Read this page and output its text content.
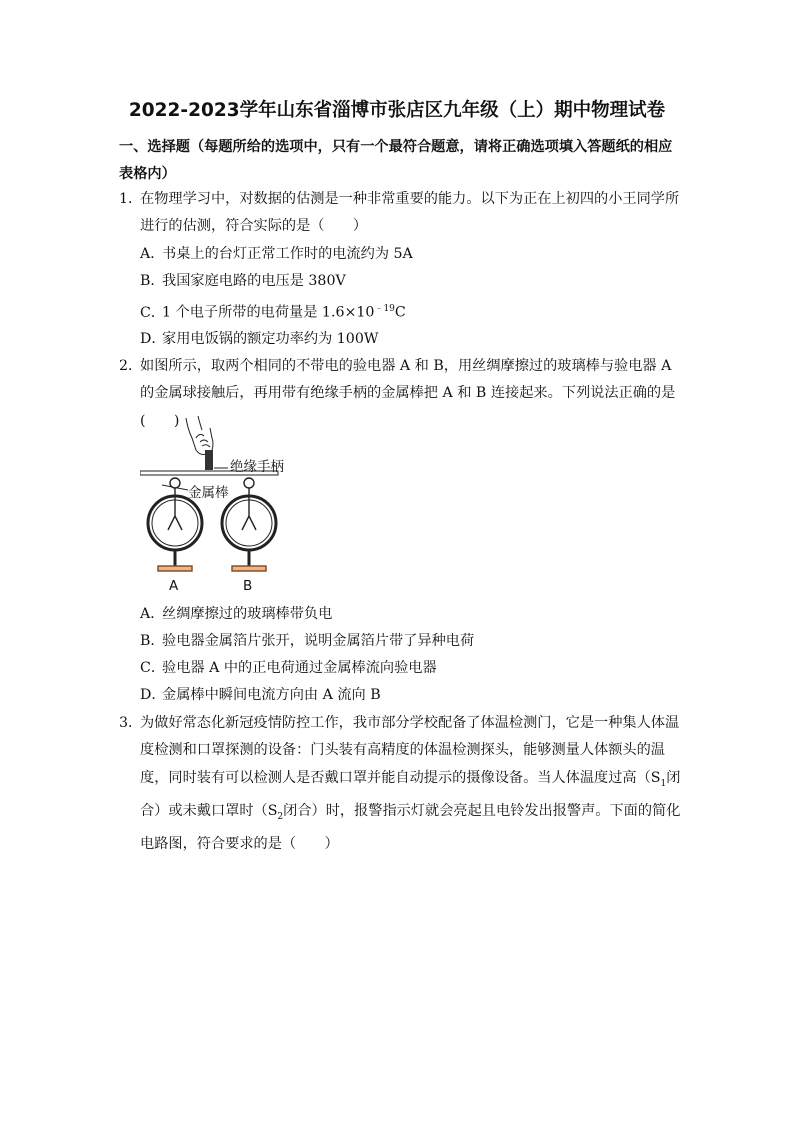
2022-2023学年山东省淄博市张店区九年级（上）期中物理试卷
一、选择题（每题所给的选项中，只有一个最符合题意，请将正确选项填入答题纸的相应表格内）
1．
在物理学习中，对数据的估测是一种非常重要的能力。以下为正在上初四的小王同学所进行的估测，符合实际的是（　　）
A．书桌上的台灯正常工作时的电流约为 5A
B．我国家庭电路的电压是 380V
C．1 个电子所带的电荷量是 $1.6\times 10^{﹣19}C$
D．家用电饭锅的额定功率约为 100W
2．
如图所示，取两个相同的不带电的验电器 A 和 B，用丝绸摩擦过的玻璃棒与验电器 A 的金属球接触后，再用带有绝缘手柄的金属棒把 A 和 B 连接起来。下列说法正确的是(　　)
绝缘手柄
金属棒
A	B
A．丝绸摩擦过的玻璃棒带负电
B．验电器金属箔片张开，说明金属箔片带了异种电荷
C．验电器 A 中的正电荷通过金属棒流向验电器
D．金属棒中瞬间电流方向由 A 流向 B
3．
为做好常态化新冠疫情防控工作，我市部分学校配备了体温检测门，它是一种集人体温度检测和口罩探测的设备：门头装有高精度的体温检测探头，能够测量人体额头的温度，同时装有可以检测人是否戴口罩并能自动提示的摄像设备。当人体温度过高（$S_1$闭合）或未戴口罩时（$S_2$闭合）时，报警指示灯就会亮起且电铃发出报警声。下面的简化电路图，符合要求的是（　　）
